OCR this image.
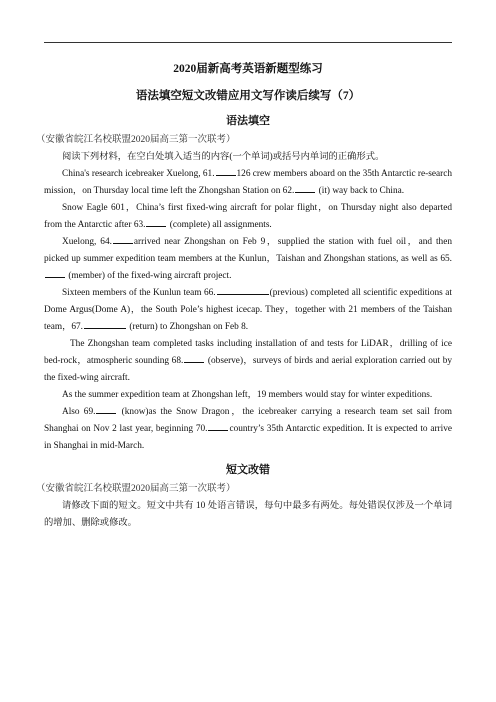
2020届新高考英语新题型练习
语法填空短文改错应用文写作读后续写（7）
语法填空
（安徽省皖江名校联盟2020届高三第一次联考）

阅读下列材料，在空白处填入适当的内容(一个单词)或括号内单词的正确形式。

China's research icebreaker Xuelong, 61. 126 crew members aboard on the 35th Antarctic re-search mission，on Thursday local time left the Zhongshan Station on 62. (it) way back to China.

Snow Eagle 601，China’s first fixed-wing aircraft for polar flight，on Thursday night also departed from the Antarctic after 63. (complete) all assignments.

Xuelong, 64. arrived near Zhongshan on Feb 9，supplied the station with fuel oil，and then picked up summer expedition team members at the Kunlun，Taishan and Zhongshan stations, as well as 65. (member) of the fixed-wing aircraft project.

Sixteen members of the Kunlun team 66.	(previous) completed all scientific expeditions at Dome Argus(Dome A)，the South Pole’s highest icecap. They，together with 21 members of the Taishan team，67.	(return) to Zhongshan on Feb 8.

The Zhongshan team completed tasks including installation of and tests for LiDAR，drilling of ice bed-rock，atmospheric sounding 68. (observe)，surveys of birds and aerial exploration carried out by the fixed-wing aircraft.

As the summer expedition team at Zhongshan left，19 members would stay for winter expeditions.

Also 69. (know)as the Snow Dragon，the icebreaker carrying a research team set sail from Shanghai on Nov 2 last year, beginning 70. country’s 35th Antarctic expedition. It is expected to arrive in Shanghai in mid-March.

短文改错
（安徽省皖江名校联盟2020届高三第一次联考）

请修改下面的短文。短文中共有 10 处语言错误，每句中最多有两处。每处错误仅涉及一个单词的增加、删除或修改。
